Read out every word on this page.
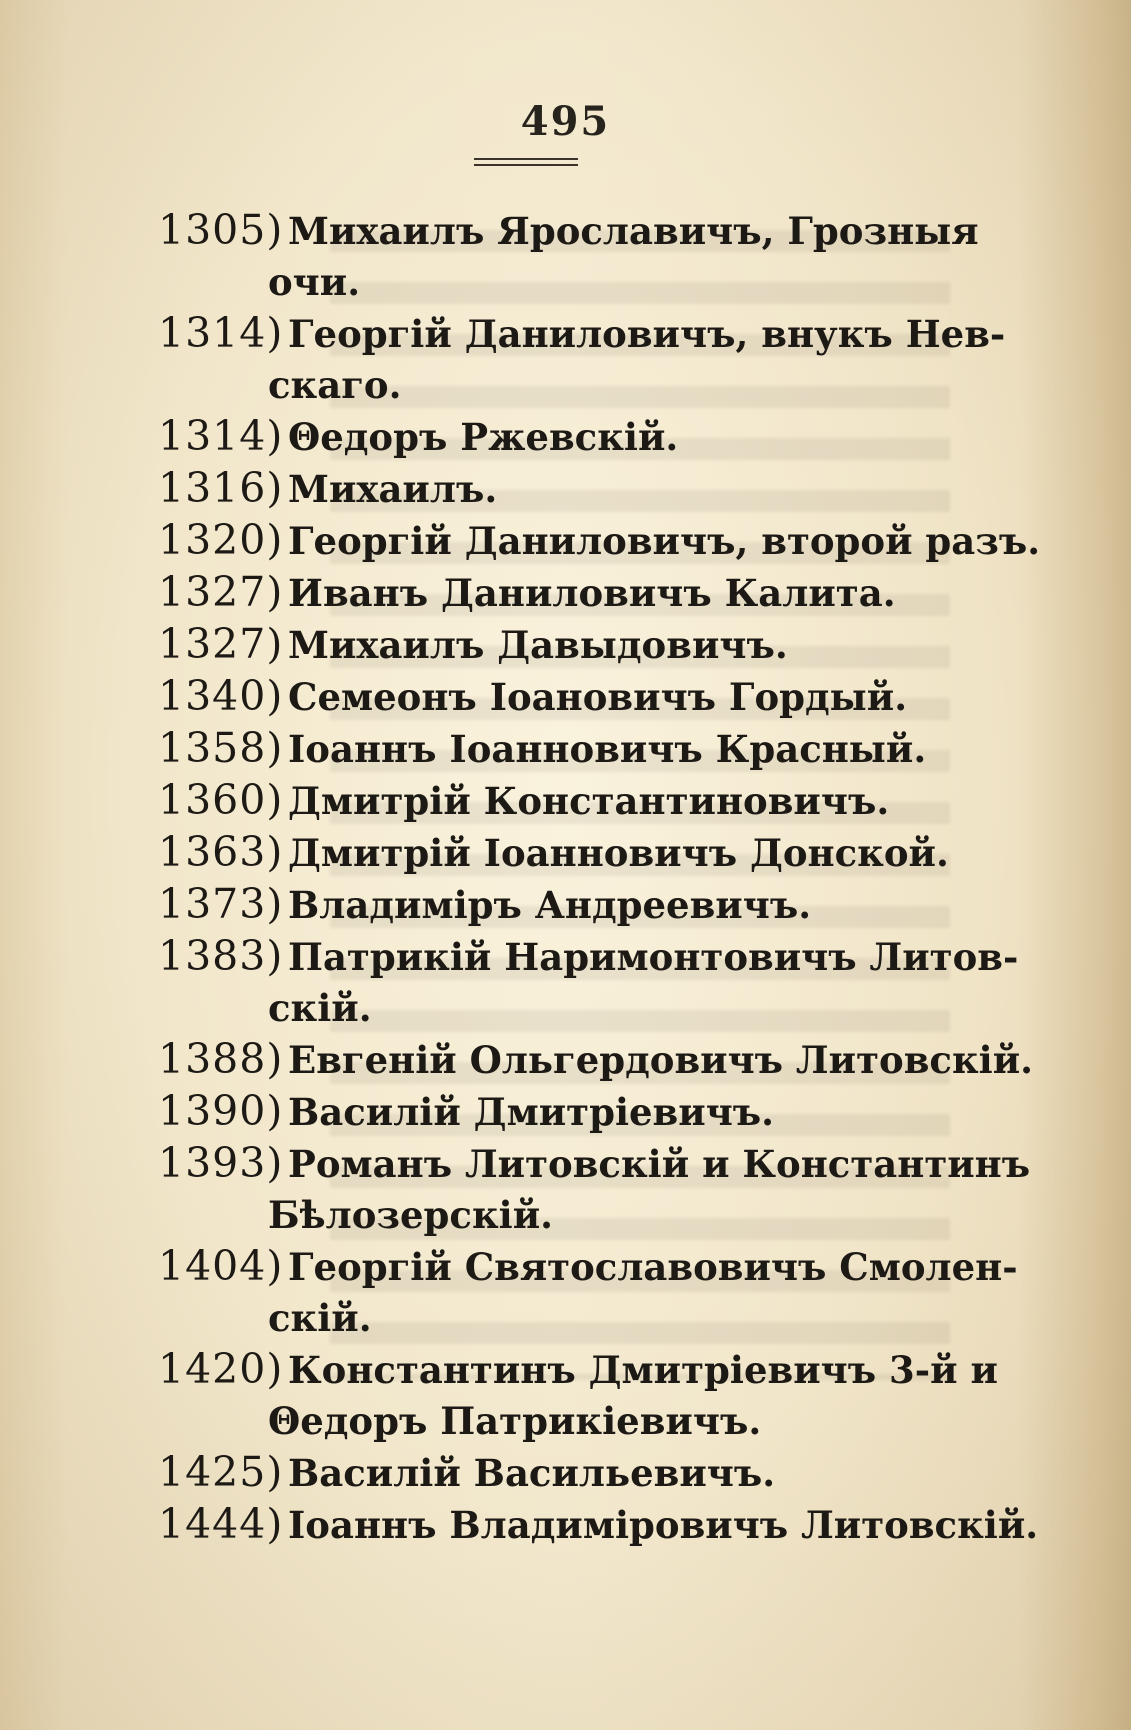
495
1305) Михаилъ Ярославичъ, Грозныя
очи.
1314) Георгій Даниловичъ, внукъ Нев-
скаго.
1314) Θедоръ Ржевскій.
1316) Михаилъ.
1320) Георгій Даниловичъ, второй разъ.
1327) Иванъ Даниловичъ Калита.
1327) Михаилъ Давыдовичъ.
1340) Семеонъ Іоановичъ Гордый.
1358) Іоаннъ Іоанновичъ Красный.
1360) Дмитрій Константиновичъ.
1363) Дмитрій Іоанновичъ Донской.
1373) Владиміръ Андреевичъ.
1383) Патрикій Наримонтовичъ Литов-
скій.
1388) Евгеній Ольгердовичъ Литовскій.
1390) Василій Дмитріевичъ.
1393) Романъ Литовскій и Константинъ
Бѣлозерскій.
1404) Георгій Святославовичъ Смолен-
скій.
1420) Константинъ Дмитріевичъ 3-й и
Θедоръ Патрикіевичъ.
1425) Василій Васильевичъ.
1444) Іоаннъ Владиміровичъ Литовскій.
